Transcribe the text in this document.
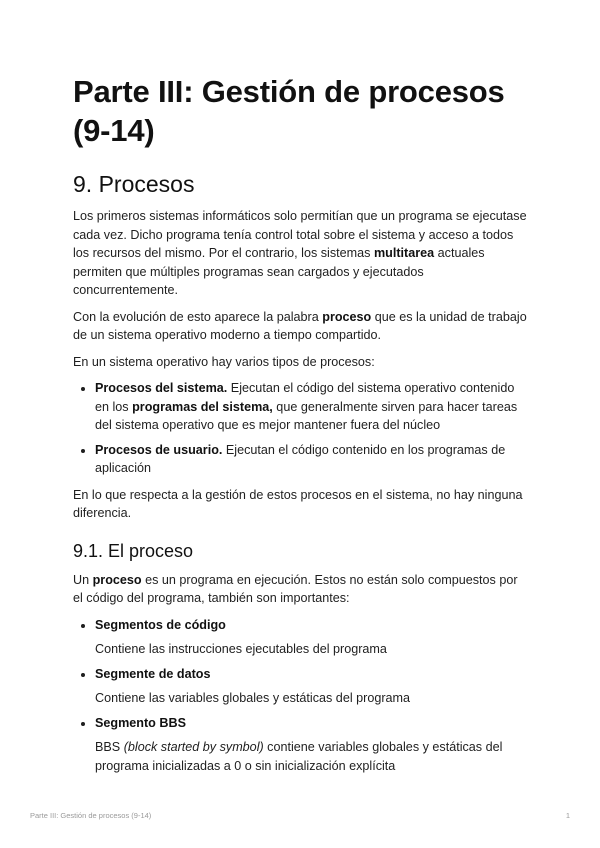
Parte III: Gestión de procesos (9-14)
9. Procesos

Los primeros sistemas informáticos solo permitían que un programa se ejecutase cada vez. Dicho programa tenía control total sobre el sistema y acceso a todos los recursos del mismo. Por el contrario, los sistemas multitarea actuales permiten que múltiples programas sean cargados y ejecutados concurrentemente.

Con la evolución de esto aparece la palabra proceso que es la unidad de trabajo de un sistema operativo moderno a tiempo compartido.

En un sistema operativo hay varios tipos de procesos:

• Procesos del sistema. Ejecutan el código del sistema operativo contenido en los programas del sistema, que generalmente sirven para hacer tareas del sistema operativo que es mejor mantener fuera del núcleo
• Procesos de usuario. Ejecutan el código contenido en los programas de aplicación

En lo que respecta a la gestión de estos procesos en el sistema, no hay ninguna diferencia.

9.1. El proceso

Un proceso es un programa en ejecución. Estos no están solo compuestos por el código del programa, también son importantes:

• Segmentos de código

Contiene las instrucciones ejecutables del programa

• Segmente de datos

Contiene las variables globales y estáticas del programa

• Segmento BBS

BBS (block started by symbol) contiene variables globales y estáticas del programa inicializadas a 0 o sin inicialización explícita

Parte III: Gestión de procesos (9-14)	1
